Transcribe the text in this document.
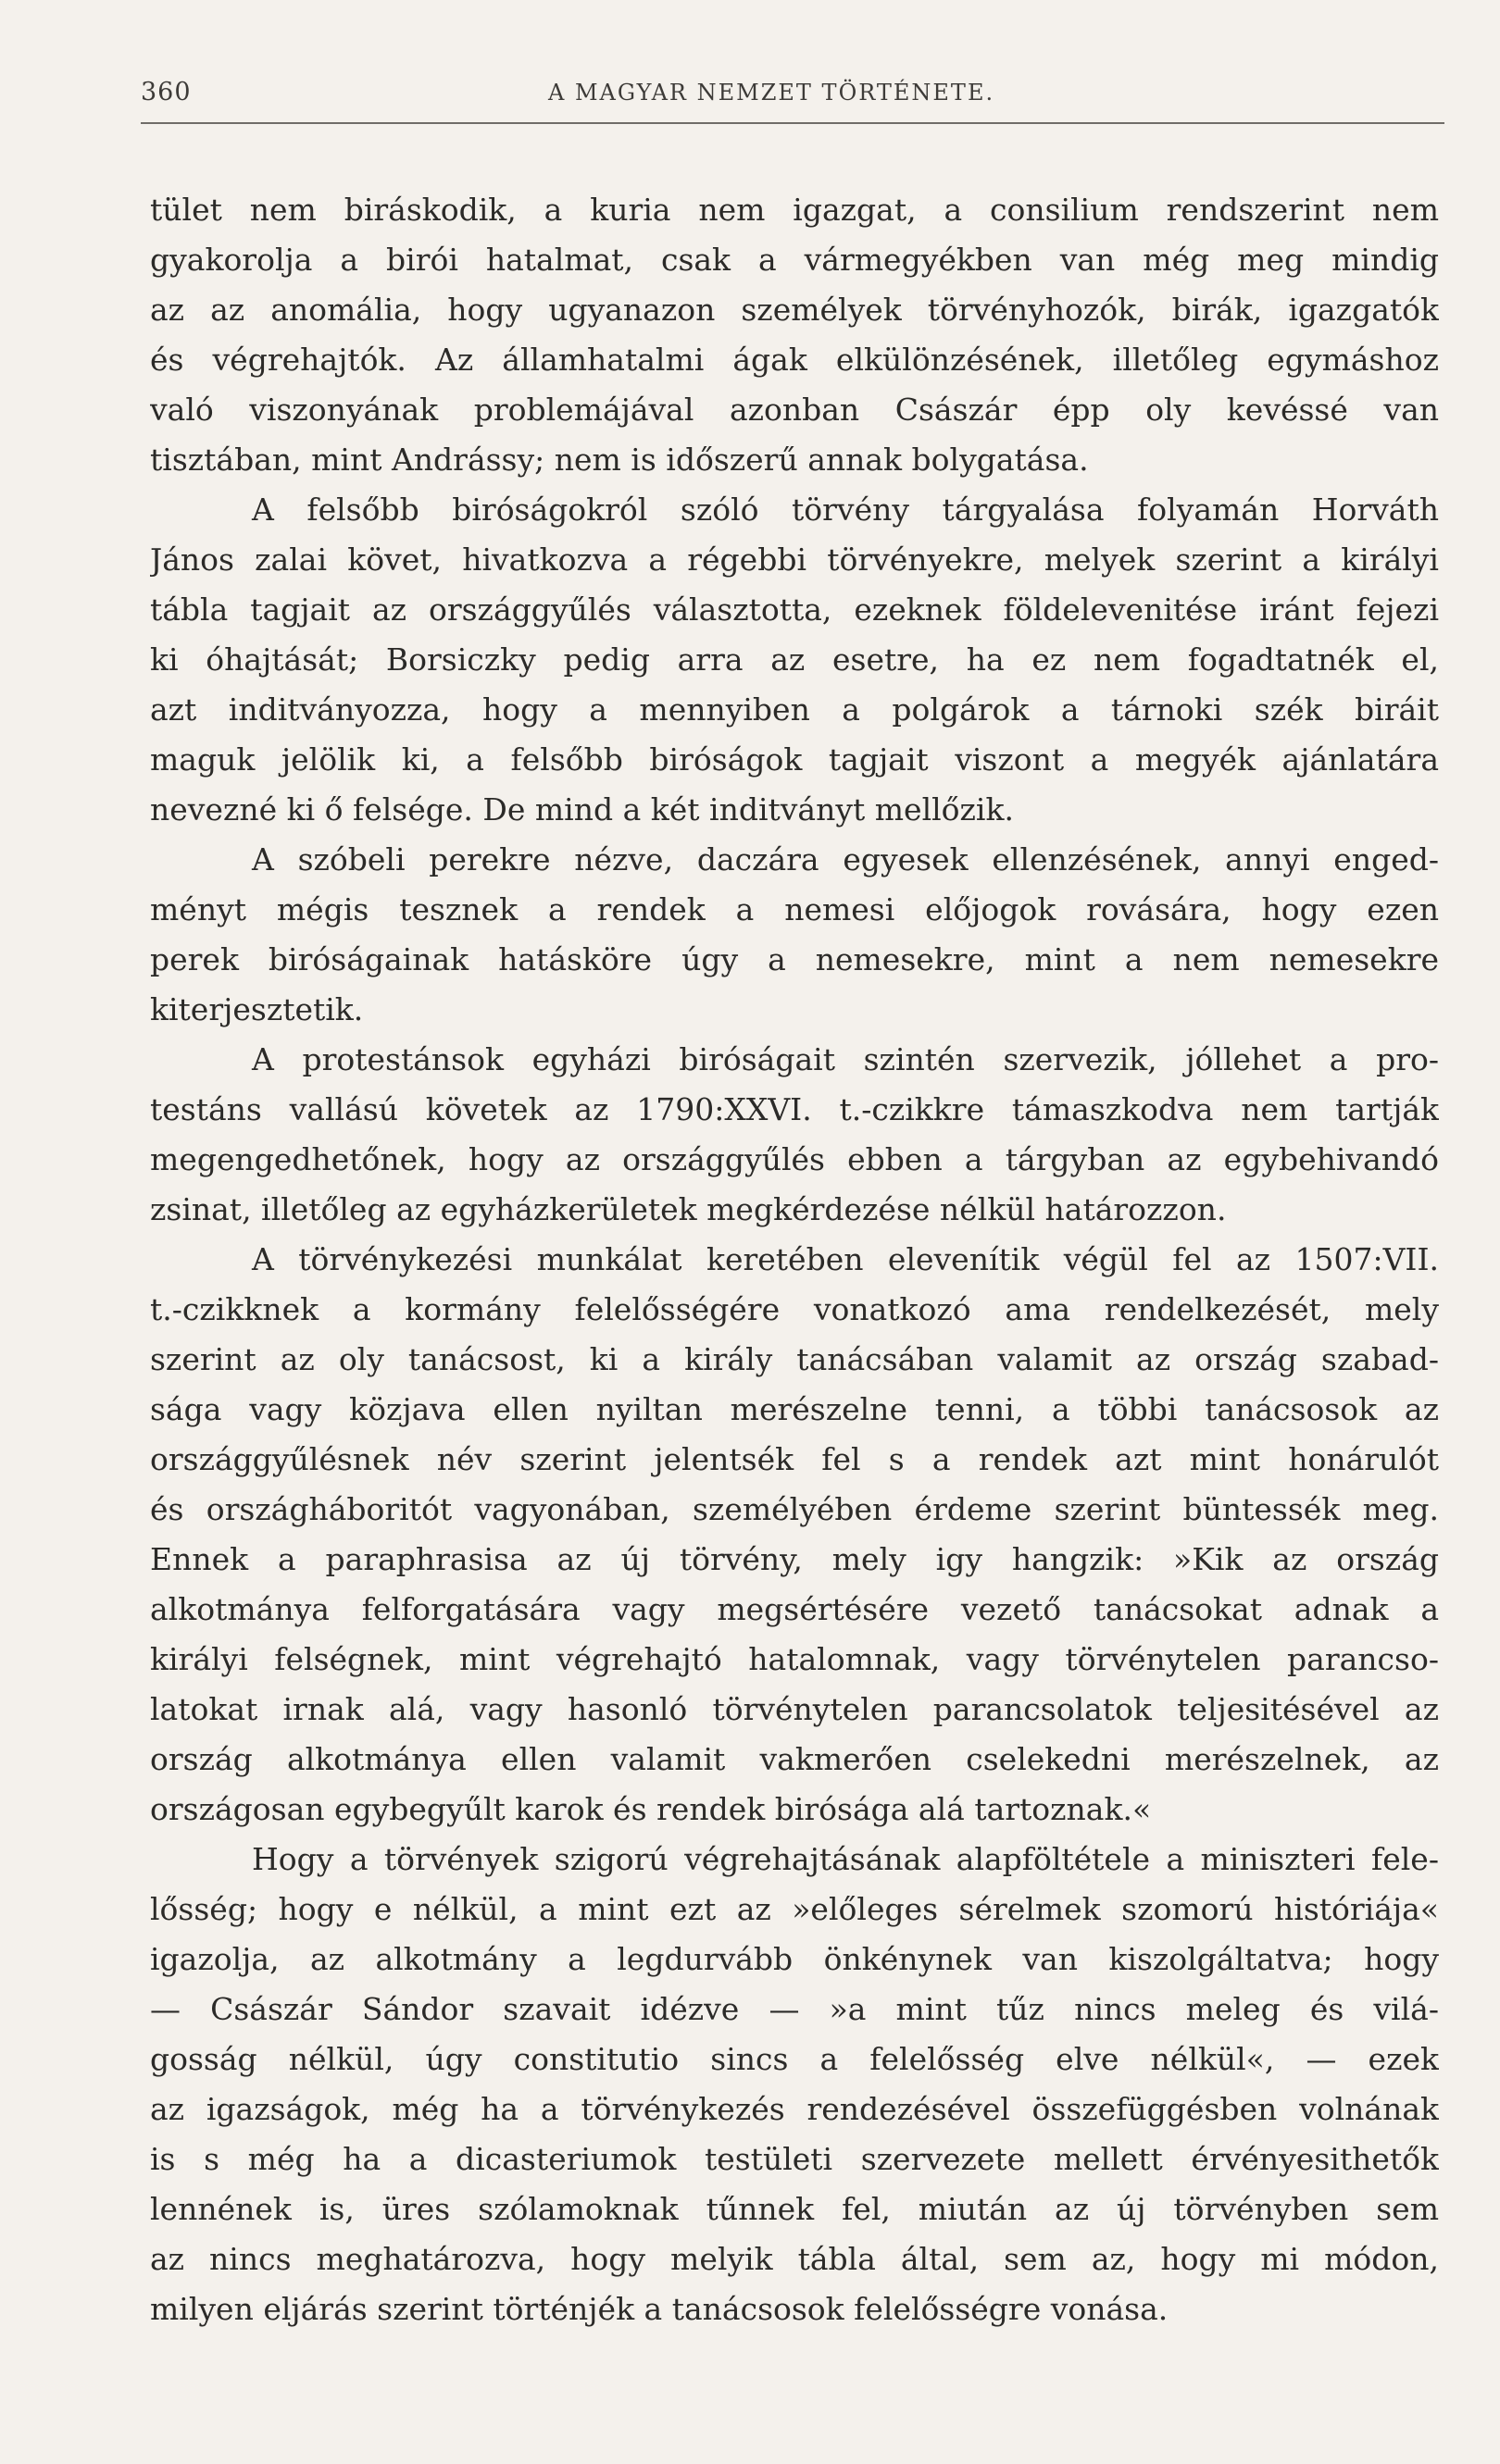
360	A MAGYAR NEMZET TÖRTÉNETE.
tület nem biráskodik, a kuria nem igazgat, a consilium rendszerint nem
gyakorolja a birói hatalmat, csak a vármegyékben van még meg mindig
az az anomália, hogy ugyanazon személyek törvényhozók, birák, igazgatók
és végrehajtók. Az államhatalmi ágak elkülönzésének, illetőleg egymáshoz
való viszonyának problemájával azonban Császár épp oly kevéssé van
tisztában, mint Andrássy; nem is időszerű annak bolygatása.
A felsőbb biróságokról szóló törvény tárgyalása folyamán Horváth
János zalai követ, hivatkozva a régebbi törvényekre, melyek szerint a királyi
tábla tagjait az országgyűlés választotta, ezeknek földelevenitése iránt fejezi
ki óhajtását; Borsiczky pedig arra az esetre, ha ez nem fogadtatnék el,
azt inditványozza, hogy a mennyiben a polgárok a tárnoki szék biráit
maguk jelölik ki, a felsőbb biróságok tagjait viszont a megyék ajánlatára
nevezné ki ő felsége. De mind a két inditványt mellőzik.
A szóbeli perekre nézve, daczára egyesek ellenzésének, annyi enged-
ményt mégis tesznek a rendek a nemesi előjogok rovására, hogy ezen
perek biróságainak hatásköre úgy a nemesekre, mint a nem nemesekre
kiterjesztetik.
A protestánsok egyházi biróságait szintén szervezik, jóllehet a pro-
testáns vallású követek az 1790:XXVI. t.-czikkre támaszkodva nem tartják
megengedhetőnek, hogy az országgyűlés ebben a tárgyban az egybehivandó
zsinat, illetőleg az egyházkerületek megkérdezése nélkül határozzon.
A törvénykezési munkálat keretében elevenítik végül fel az 1507:VII.
t.-czikknek a kormány felelősségére vonatkozó ama rendelkezését, mely
szerint az oly tanácsost, ki a király tanácsában valamit az ország szabad-
sága vagy közjava ellen nyiltan merészelne tenni, a többi tanácsosok az
országgyűlésnek név szerint jelentsék fel s a rendek azt mint honárulót
és országháboritót vagyonában, személyében érdeme szerint büntessék meg.
Ennek a paraphrasisa az új törvény, mely igy hangzik: »Kik az ország
alkotmánya felforgatására vagy megsértésére vezető tanácsokat adnak a
királyi felségnek, mint végrehajtó hatalomnak, vagy törvénytelen parancso-
latokat irnak alá, vagy hasonló törvénytelen parancsolatok teljesitésével az
ország alkotmánya ellen valamit vakmerően cselekedni merészelnek, az
országosan egybegyűlt karok és rendek birósága alá tartoznak.«
Hogy a törvények szigorú végrehajtásának alapföltétele a miniszteri fele-
lősség; hogy e nélkül, a mint ezt az »előleges sérelmek szomorú históriája«
igazolja, az alkotmány a legdurvább önkénynek van kiszolgáltatva; hogy
— Császár Sándor szavait idézve — »a mint tűz nincs meleg és vilá-
gosság nélkül, úgy constitutio sincs a felelősség elve nélkül«, — ezek
az igazságok, még ha a törvénykezés rendezésével összefüggésben volnának
is s még ha a dicasteriumok testületi szervezete mellett érvényesithetők
lennének is, üres szólamoknak tűnnek fel, miután az új törvényben sem
az nincs meghatározva, hogy melyik tábla által, sem az, hogy mi módon,
milyen eljárás szerint történjék a tanácsosok felelősségre vonása.
